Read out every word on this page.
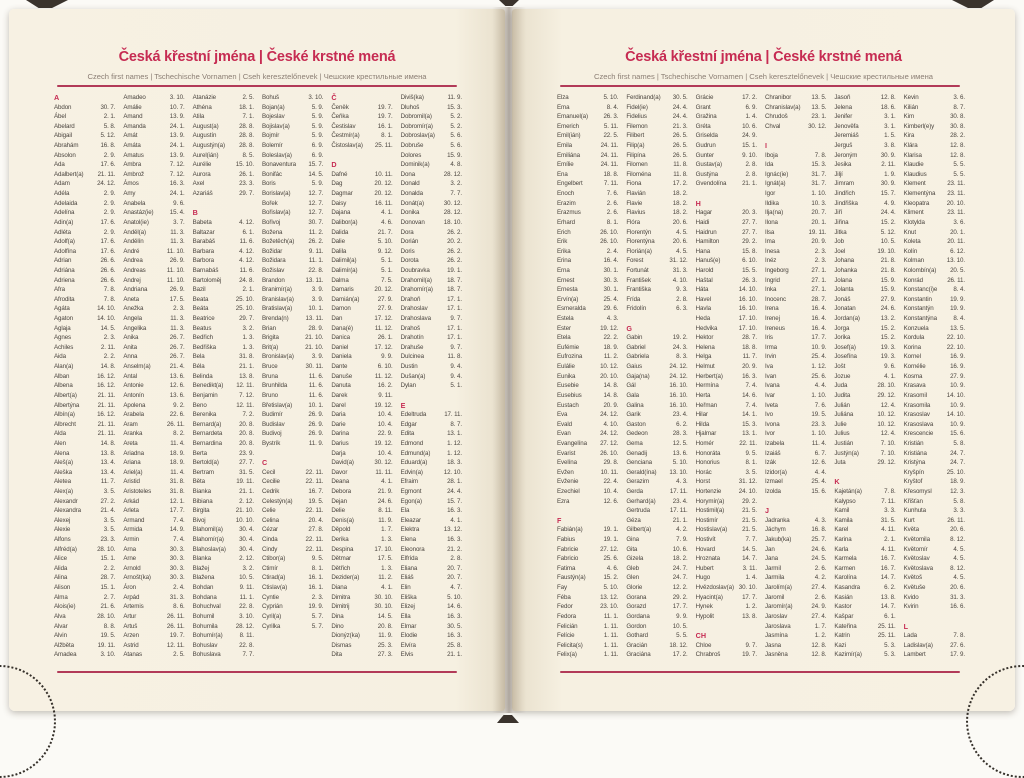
Česká křestní jména | České krstné mená
Czech first names | Tschechische Vornamen | Cseh keresztelőnevek | Чешские крестильные имена
A
Abdon	30. 7.
Ábel	2. 1.
Abelard	5. 8.
Abigail	5. 12.
Abrahám	16. 8.
Absolon	2. 9.
Ada	17. 6.
Adalbert(a) 21. 11.
Adam	24. 12.
Adéla	2. 9.
Adelaida	2. 9.
Adelína	2. 9.
Adin(a)	17. 6.
Adléta	2. 9.
Adolf(a)	17. 6.
Adolfína	17. 6.
Adrian	26. 6.
Adriána	26. 6.
Adriena	26. 6.
Afra	7. 8.
Afrodita	7. 8.
Agáta	14. 10.
Agaton	14. 10.
Aglaja	14. 5.
Agnes	2. 3.
Achiles	2. 11.
Aida	2. 2.
Alan(a)	14. 8.
Alban	16. 12.
Albena	16. 12.
Albert(a)	21. 11.
Albertýna	21. 11.
Albín(a)	16. 12.
Albrecht	21. 11.
Alda	21. 11.
Alen	14. 8.
Alena	13. 8.
Aleš(a)	13. 4.
Aleška	13. 4.
Aletea	11. 7.
Alex(a)	3. 5.
Alexandr	27. 2.
Alexandra	21. 4.
Alexej	3. 5.
Alexie	3. 5.
Alfons	23. 3.
Alfréd(a)	28. 10.
Alice	15. 1.
Alida	2. 2.
Alina	28. 7.
Alison	15. 1.
Alma	2. 7.
Alois(ie)	21. 6.
Alva	28. 10.
Alvar	8. 8.
Alvin	19. 5.
Alžběta	19. 11.
Amadea	3. 10.
Amadeo	3. 10.
Amálie	10. 7.
Amand	13. 9.
Amanda	24. 1.
Amát	13. 9.
Amáta	24. 1.
Amatus	13. 9.
Ambra	7. 12.
Ambrož	7. 12.
Ámos	16. 3.
Amy	24. 1.
Anabela	9. 6.
Anastáz(ie)	15. 4.
Anatol(ie)	3. 7.
Anděl(a)	11. 3.
Andělín	11. 3.
André	11. 10.
Andrea	26. 9.
Andreas	11. 10.
Andrej	11. 10.
Andriana	26. 9.
Aneta	17. 5.
Anežka	2. 3.
Angela	11. 3.
Angelika	11. 3.
Anika	26. 7.
Anita	26. 7.
Anna	26. 7.
Anselm(a)	21. 4.
Antal	13. 6.
Antonie	12. 6.
Antonín	13. 6.
Apolena	9. 2.
Arabela	22. 6.
Aram	26. 11.
Aranka	8. 2.
Areta	11. 4.
Ariadna	18. 9.
Ariana	18. 9.
Ariel(a)	11. 4.
Aristid	31. 8.
Aristoteles	31. 8.
Arkád	12. 1.
Arleta	17. 7.
Armand	7. 4.
Armida	14. 9.
Armin	7. 4.
Arna	30. 3.
Arne	30. 3.
Arnold	30. 3.
Arnošt(ka)	30. 3.
Áron	2. 4.
Arpád	31. 3.
Artemis	8. 6.
Artur	26. 11.
Artuš	26. 11.
Arzen	19. 7.
Astrid	12. 11.
Atanas	2. 5.
Atanázie	2. 5.
Athéna	18. 1.
Atila	7. 1.
August(a)	28. 8.
Augustín	28. 8.
Augustýn(a) 28. 8.
Aurel(ián)	8. 5.
Aurélie	15. 10.
Aurora	26. 1.
Axel	23. 3.
Azariáš	29. 7.
B
Babeta	4. 12.
Baltazar	6. 1.
Barabáš	11. 6.
Barbara	4. 12.
Barbora	4. 12.
Barnabáš	11. 6.
Bartoloměj	24. 8.
Bazil	2. 1.
Beata	25. 10.
Beáta	25. 10.
Beatrice	29. 7.
Beatus	3. 2.
Bedřich	1. 3.
Bedřiška	1. 3.
Bela	31. 8.
Béla	21. 1.
Belinda	13. 8.
Benedikt(a) 12. 11.
Benjamin	7. 12.
Beno	12. 11.
Berenika	7. 2.
Bernard(a)	20. 8.
Bernardeta	20. 8.
Bernardina	20. 8.
Berta	23. 9.
Bertold(a)	27. 7.
Bertram	31. 5.
Běta	19. 11.
Bianka	21. 1.
Bibiana	2. 12.
Birgita	21. 10.
Bivoj	10. 10.
Blahomil(a)	30. 4.
Blahomír(a) 30. 4.
Blahoslav(a) 30. 4.
Blanka	2. 12.
Blažej	3. 2.
Blažena	10. 5.
Bohdan	9. 11.
Bohdana	11. 1.
Bohuchval	22. 8.
Bohumil	3. 10.
Bohumila	28. 12.
Bohumír(a)	8. 11.
Bohuslav	22. 8.
Bohuslava	7. 7.
Bohuš	3. 10.
Bojan(a)	5. 9.
Bojeslav	5. 9.
Bojislav(a)	5. 9.
Bojmír	5. 9.
Bolemír	6. 9.
Boleslav(a)	6. 9.
Bonaventura 15. 7.
Bonifác	14. 5.
Boris	5. 9.
Borislav(a)	12. 7.
Bořek	12. 7.
Bořislav(a)	12. 7.
Bořivoj	30. 7.
Božena	11. 2.
Božetěch(a) 26. 2.
Božidar	9. 11.
Božidara	11. 1.
Božislav	22. 8.
Brandon	13. 11.
Branimír(a)	3. 9.
Branislav(a)	3. 9.
Bratislav(a)	10. 1.
Brenda(n)	13. 11.
Brian	28. 9.
Brigita	21. 10.
Brit(a)	21. 10.
Bronislav(a)	3. 9.
Bruce	30. 11.
Bruna	11. 6.
Brunhilda	11. 6.
Bruno	11. 6.
Břetislav(a)	10. 1.
Budimír	26. 9.
Budislav	26. 9.
Budivoj	26. 9.
Bystrík	11. 9.
C
Cecil	22. 11.
Cecilie	22. 11.
Cedrik	16. 7.
Celestýn(a)	19. 5.
Celie	22. 11.
Celina	20. 4.
Cézar	27. 8.
Cinda	22. 11.
Cindy	22. 11.
Ctibor(a)	9. 5.
Ctimír	8. 1.
Ctirad(a)	16. 1.
Ctislav(a)	16. 1.
Cyntie	2. 3.
Cyprián	19. 9.
Cyril(a)	5. 7.
Cyrilka	5. 7.
Č
Čeněk	19. 7.
Čeňka	19. 7.
Čestislav	16. 1.
Čestmír(a)	8. 1.
Čistoslav(a) 25. 11.
D
Dafné	10. 11.
Dag	20. 12.
Dagmar	20. 12.
Daisy	16. 11.
Dajana	4. 1.
Dalibor(a)	4. 6.
Dalida	21. 7.
Dalie	5. 10.
Dalila	9. 12.
Dalimil(a)	5. 1.
Dalimír(a)	5. 1.
Dalma	7. 5.
Damaris	20. 12.
Damián(a)	27. 9.
Damon	27. 9.
Dan	17. 12.
Dana(é)	11. 12.
Danica	26. 1.
Daniel	17. 12.
Daniela	9. 9.
Dante	6. 10.
Danuše	11. 12.
Danuta	16. 2.
Darek	9. 11.
Darel	19. 12.
Daria	10. 4.
Darie	10. 4.
Darina	22. 9.
Darius	19. 12.
Darja	10. 4.
David(a)	30. 12.
Davor	11. 11.
Deana	4. 1.
Debora	21. 9.
Dejan	24. 6.
Delie	8. 11.
Denis(a)	11. 9.
Děpold	1. 7.
Derika	1. 3.
Despina	17. 10.
Dětmar	17. 5.
Dětřich	1. 3.
Dezider(a)	11. 2.
Diana	4. 1.
Dimitra	30. 10.
Dimitrij	30. 10.
Dina	14. 5.
Dino	20. 8.
Dionýz(ka)	11. 9.
Dismas	25. 3.
Dita	27. 3.
Diviš(ka)	11. 9.
Dluhoš	15. 3.
Dobromil(a)	5. 2.
Dobromír(a)	5. 2.
Dobroslav(a)	5. 6.
Dobruše	5. 6.
Dolores	15. 9.
Dominik(a)	4. 8.
Dona	28. 12.
Donald	3. 2.
Donalda	7. 7.
Donát(a)	30. 12.
Donika	28. 12.
Donovan	18. 10.
Dora	26. 2.
Dorián	20. 2.
Doris	26. 2.
Dorota	26. 2.
Doubravka	19. 1.
Drahomil(a) 18. 7.
Drahomír(a) 18. 7.
Drahoň	17. 1.
Drahoslav	17. 1.
Drahoslava	9. 7.
Drahoš	17. 1.
Drahotín	17. 1.
Drahuše	9. 7.
Dulcinea	11. 8.
Dustin	9. 4.
Dušan(a)	9. 4.
Dylan	5. 1.
E
Edeltruda	17. 11.
Edgar	8. 7.
Edita	13. 1.
Edmond	1. 12.
Edmund(a)	1. 12.
Eduard(a)	18. 3.
Edvin(a)	12. 10.
Efraim	28. 1.
Egmont	24. 4.
Egon(a)	15. 7.
Ela	16. 3.
Eleazar	4. 1.
Elektra	13. 12.
Elena	16. 3.
Eleonora	21. 2.
Elfrída	2. 8.
Eliana	20. 7.
Eliáš	20. 7.
Elin	4. 7.
Eliška	5. 10.
Elizej	14. 6.
Ella	16. 3.
Elmar	30. 5.
Elodie	16. 3.
Elvíra	25. 8.
Elvis	21. 1.
Česká křestní jména | České krstné mená
Czech first names | Tschechische Vornamen | Cseh keresztelőnevek | Чешские крестильные имена
Elza	5. 10.
Ema	8. 4.
Emanuel(a) 26. 3.
Emerich	5. 11.
Emil(ián)	22. 5.
Emila	24. 11.
Emiliána	24. 11.
Emílie	24. 11.
Ena	18. 8.
Engelbert	7. 11.
Enoch	7. 6.
Erazim	2. 6.
Erazmus	2. 6.
Erhard	8. 1.
Erich	26. 10.
Erik	26. 10.
Erika	2. 4.
Erina	16. 4.
Erna	30. 1.
Ernest	30. 3.
Ernesta	30. 1.
Ervín(a)	25. 4.
Esmeralda	29. 6.
Estela	4. 3.
Ester	19. 12.
Etela	22. 2.
Eufémie	18. 9.
Eufrozina	11. 2.
Eulálie	10. 12.
Eunika	20. 10.
Eusebie	14. 8.
Eusebius	14. 8.
Eustach	20. 9.
Eva	24. 12.
Evald	4. 10.
Evan	24. 12.
Evangelína 27. 12.
Evarist	26. 10.
Evelína	29. 8.
Evžen	10. 11.
Evženie	22. 4.
Ezechiel	10. 4.
Ezra	12. 6.
F
Fabián(a)	19. 1.
Fabius	19. 1.
Fabricie	27. 12.
Fabricio	25. 6.
Fatima	4. 6.
Faustýn(a)	15. 2.
Fay	5. 10.
Féba	13. 12.
Fedor	23. 10.
Fedora	11. 1.
Felicián	1. 11.
Felície	1. 11.
Felicita(s)	1. 11.
Felix(a)	1. 11.
Ferdinand(a) 30. 5.
Fidel(ie)	24. 4.
Fidelius	24. 4.
Filemon	21. 3.
Filibert	26. 5.
Filip(a)	26. 5.
Filipína	26. 5.
Filomen	11. 8.
Filoména	11. 8.
Fiona	17. 2.
Flavián	18. 2.
Flavie	18. 2.
Flavius	18. 2.
Flóra	20. 6.
Florentýn	4. 5.
Florentýna	20. 6.
Florián(a)	4. 5.
Forest	31. 12.
Fortunát	31. 3.
František	4. 10.
Františka	9. 3.
Frída	2. 8.
Fridolín	6. 3.
G
Gabin	19. 2.
Gabriel	24. 3.
Gabriela	8. 3.
Gaius	24. 12.
Gaja(na)	24. 12.
Gál	16. 10.
Gala	16. 10.
Galina	16. 10.
Garik	23. 4.
Gaston	6. 2.
Gedeon	28. 3.
Gema	12. 5.
Genadij	13. 6.
Genciana	5. 10.
Gerald(ína) 13. 10.
Gerazim	4. 3.
Gerda	17. 11.
Gerhard(a)	23. 4.
Gertruda	17. 11.
Géza	21. 1.
Gilbert(a)	4. 2.
Gina	7. 9.
Gita	10. 6.
Gizela	18. 2.
Gleb	24. 7.
Glen	24. 7.
Glorie	12. 2.
Gorana	29. 2.
Gorazd	17. 7.
Gordana	9. 9.
Gordon	10. 5.
Gothard	5. 5.
Gracián	18. 12.
Graciána	17. 2.
Grácie	17. 2.
Grant	6. 9.
Gražina	1. 4.
Gréta	10. 6.
Griselda	24. 9.
Gudrun	15. 1.
Gunter	9. 10.
Gustav(a)	2. 8.
Gustýna	2. 8.
Gvendolína	21. 1.
H
Hagar	20. 3.
Haidi	27. 7.
Haidrun	27. 7.
Hamilton	29. 2.
Hana	15. 8.
Hanuš(e)	6. 10.
Harold	15. 5.
Haštal	26. 3.
Háta	14. 10.
Havel	16. 10.
Havla	16. 10.
Heda	17. 10.
Hedvika	17. 10.
Hektor	28. 7.
Helena	18. 8.
Helga	11. 7.
Helmut	20. 9.
Herbert(a)	16. 3.
Hermína	7. 4.
Herta	14. 6.
Heřman	7. 4.
Hilar	14. 1.
Hilda	15. 3.
Hjalmar	13. 1.
Homér	22. 11.
Honoráta	9. 5.
Honorius	8. 1.
Horác	3. 5.
Horst	31. 12.
Hortenzie	24. 10.
Horymír(a)	29. 2.
Hostimil(a)	21. 5.
Hostimír	21. 5.
Hostislav(a) 21. 5.
Hostivít	7. 7.
Hovard	14. 5.
Hroznata	14. 7.
Hubert	3. 11.
Hugo	1. 4.
Hvězdoslav(a) 30. 10.
Hyacint(a)	17. 7.
Hynek	1. 2.
Hypolit	13. 8.
CH
Chloe	9. 7.
Chrabroš	19. 7.
Chranibor	13. 5.
Chranislav(a) 13. 5.
Chrudoš	23. 1.
Chval	30. 12.
I
Iboja	7. 8.
Ida	15. 3.
Ignác(ie)	31. 7.
Ignát(a)	31. 7.
Igor	1. 10.
Ildika	10. 3.
Ilja(na)	20. 7.
Ilona	20. 1.
Ilsa	19. 11.
Ima	20. 9.
Inesa	2. 3.
Inéz	2. 3.
Ingeborg	27. 1.
Ingrid	27. 1.
Inka	27. 1.
Inocenc	28. 7.
Irena	16. 4.
Irenej	16. 4.
Ireneus	16. 4.
Iris	17. 7.
Irma	10. 9.
Irvin	25. 4.
Iva	1. 12.
Ivan	25. 6.
Ivana	4. 4.
Ivar	1. 10.
Iveta	7. 6.
Ivo	19. 5.
Ivona	23. 3.
Ivor	1. 10.
Izabela	11. 4.
Izaiáš	6. 7.
Izák	12. 6.
Izidor(a)	4. 4.
Izmael	25. 4.
Izolda	15. 6.
J
Jadranka	4. 3.
Jáchym	16. 8.
Jakub(ka)	25. 7.
Jan	24. 6.
Jana	24. 5.
Jarmil	2. 6.
Jarmila	4. 2.
Jarolím(a)	27. 4.
Jaromil	2. 6.
Jaromír(a)	24. 9.
Jaroslav	27. 4.
Jaroslava	1. 7.
Jasmína	1. 2.
Jasna	12. 8.
Jasněna	12. 8.
Jasoň	12. 8.
Jelena	18. 6.
Jenifer	3. 1.
Jenověfa	3. 1.
Jeremiáš	1. 5.
Jerguš	3. 8.
Jeroným	30. 9.
Jesika	2. 11.
Jiljí	1. 9.
Jimram	30. 9.
Jindřich	15. 7.
Jindřiška	4. 9.
Jiří	24. 4.
Jiřina	15. 2.
Jitka	5. 12.
Job	10. 5.
Joel	19. 10.
Johana	21. 8.
Johanka	21. 8.
Jolana	15. 9.
Jolanta	15. 9.
Jonáš	27. 9.
Jonatan	24. 6.
Jordan(a)	13. 2.
Jorga	15. 2.
Jorika	15. 2.
Josef(a)	19. 3.
Josefína	19. 3.
Jošt	9. 6.
Jozue	4. 1.
Juda	28. 10.
Judita	29. 12.
Julián	12. 4.
Juliána	10. 12.
Julie	10. 12.
Julius	12. 4.
Justián	7. 10.
Justýn(a)	7. 10.
Juta	29. 12.
K
Kajetán(a)	7. 8.
Kalypso	7. 11.
Kamil	3. 3.
Kamila	31. 5.
Karel	4. 11.
Karina	2. 1.
Karla	4. 11.
Karmela	16. 7.
Karmen	16. 7.
Karolína	14. 7.
Kasandra	6. 2.
Kasián	13. 8.
Kastor	14. 7.
Kašpar	6. 1.
Kateřina	25. 11.
Katrin	25. 11.
Kazi	5. 3.
Kazimír(a)	5. 3.
Kevin	3. 6.
Kilián	8. 7.
Kim	30. 8.
Kimberl(e)y	30. 8.
Kira	28. 2.
Klára	12. 8.
Klarisa	12. 8.
Klaudie	5. 5.
Klaudius	5. 5.
Klement	23. 11.
Klementýna 23. 11.
Kleopatra	20. 10.
Kliment	23. 11.
Klotylda	3. 6.
Knut	20. 1.
Koleta	20. 11.
Kolín	6. 12.
Kolman	13. 10.
Kolombín(a) 20. 5.
Konrád	26. 11.
Konstanc(i)e	8. 4.
Konstantin	19. 9.
Konstantýn	19. 9.
Konstantýna	8. 4.
Konzuela	13. 5.
Kordula	22. 10.
Korina	22. 10.
Kornel	16. 9.
Kornélie	16. 9.
Kosma	27. 9.
Krasava	10. 9.
Krasomil	14. 10.
Krasomila	10. 9.
Krasoslav	14. 10.
Krasoslava	10. 9.
Krescencie	15. 6.
Kristián	5. 8.
Kristiána	24. 7.
Kristýna	24. 7.
Kryšpín	25. 10.
Kryštof	18. 9.
Křesomysl	12. 3.
Křišťan	5. 8.
Kunhuta	3. 3.
Kurt	26. 11.
Květa	20. 6.
Květomila	8. 12.
Květomír	4. 5.
Květoslav	4. 5.
Květoslava	8. 12.
Květoš	4. 5.
Květuše	20. 6.
Kvido	31. 3.
Kvirin	16. 6.
L
Lada	7. 8.
Ladislav(a)	27. 6.
Lambert	17. 9.
